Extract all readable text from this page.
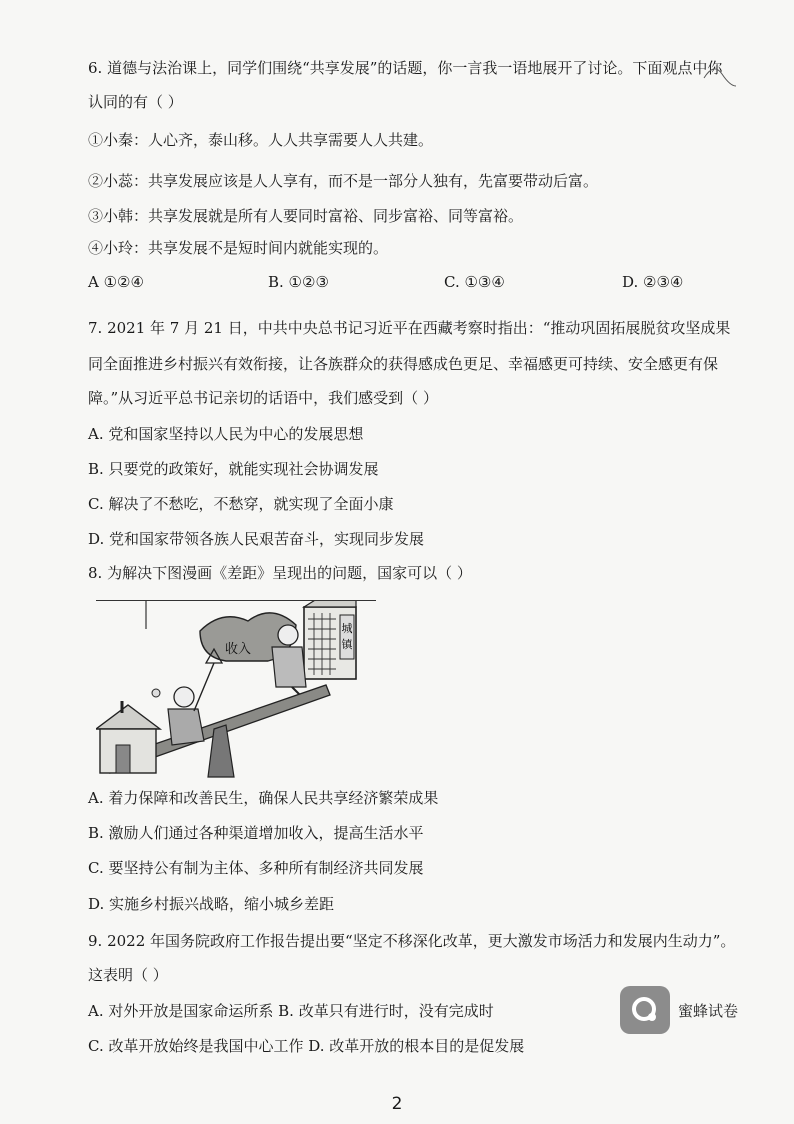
6. 道德与法治课上，同学们围绕“共享发展”的话题，你一言我一语地展开了讨论。下面观点中你
认同的有（ ）
①小秦：人心齐，泰山移。人人共享需要人人共建。
②小蕊：共享发展应该是人人享有，而不是一部分人独有，先富要带动后富。
③小韩：共享发展就是所有人要同时富裕、同步富裕、同等富裕。
④小玲：共享发展不是短时间内就能实现的。
A ①②④	B. ①②③	C. ①③④	D. ②③④
7. 2021 年 7 月 21 日，中共中央总书记习近平在西藏考察时指出：“推动巩固拓展脱贫攻坚成果
同全面推进乡村振兴有效衔接，让各族群众的获得感成色更足、幸福感更可持续、安全感更有保
障。”从习近平总书记亲切的话语中，我们感受到（ ）
A. 党和国家坚持以人民为中心的发展思想
B. 只要党的政策好，就能实现社会协调发展
C. 解决了不愁吃，不愁穿，就实现了全面小康
D. 党和国家带领各族人民艰苦奋斗，实现同步发展
8. 为解决下图漫画《差距》呈现出的问题，国家可以（ ）
城
镇
收入
A. 着力保障和改善民生，确保人民共享经济繁荣成果
B. 激励人们通过各种渠道增加收入，提高生活水平
C. 要坚持公有制为主体、多种所有制经济共同发展
D. 实施乡村振兴战略，缩小城乡差距
9. 2022 年国务院政府工作报告提出要“坚定不移深化改革，更大激发市场活力和发展内生动力”。
这表明（ ）
A. 对外开放是国家命运所系 B. 改革只有进行时，没有完成时
C. 改革开放始终是我国中心工作 D. 改革开放的根本目的是促发展
蜜蜂试卷
2
